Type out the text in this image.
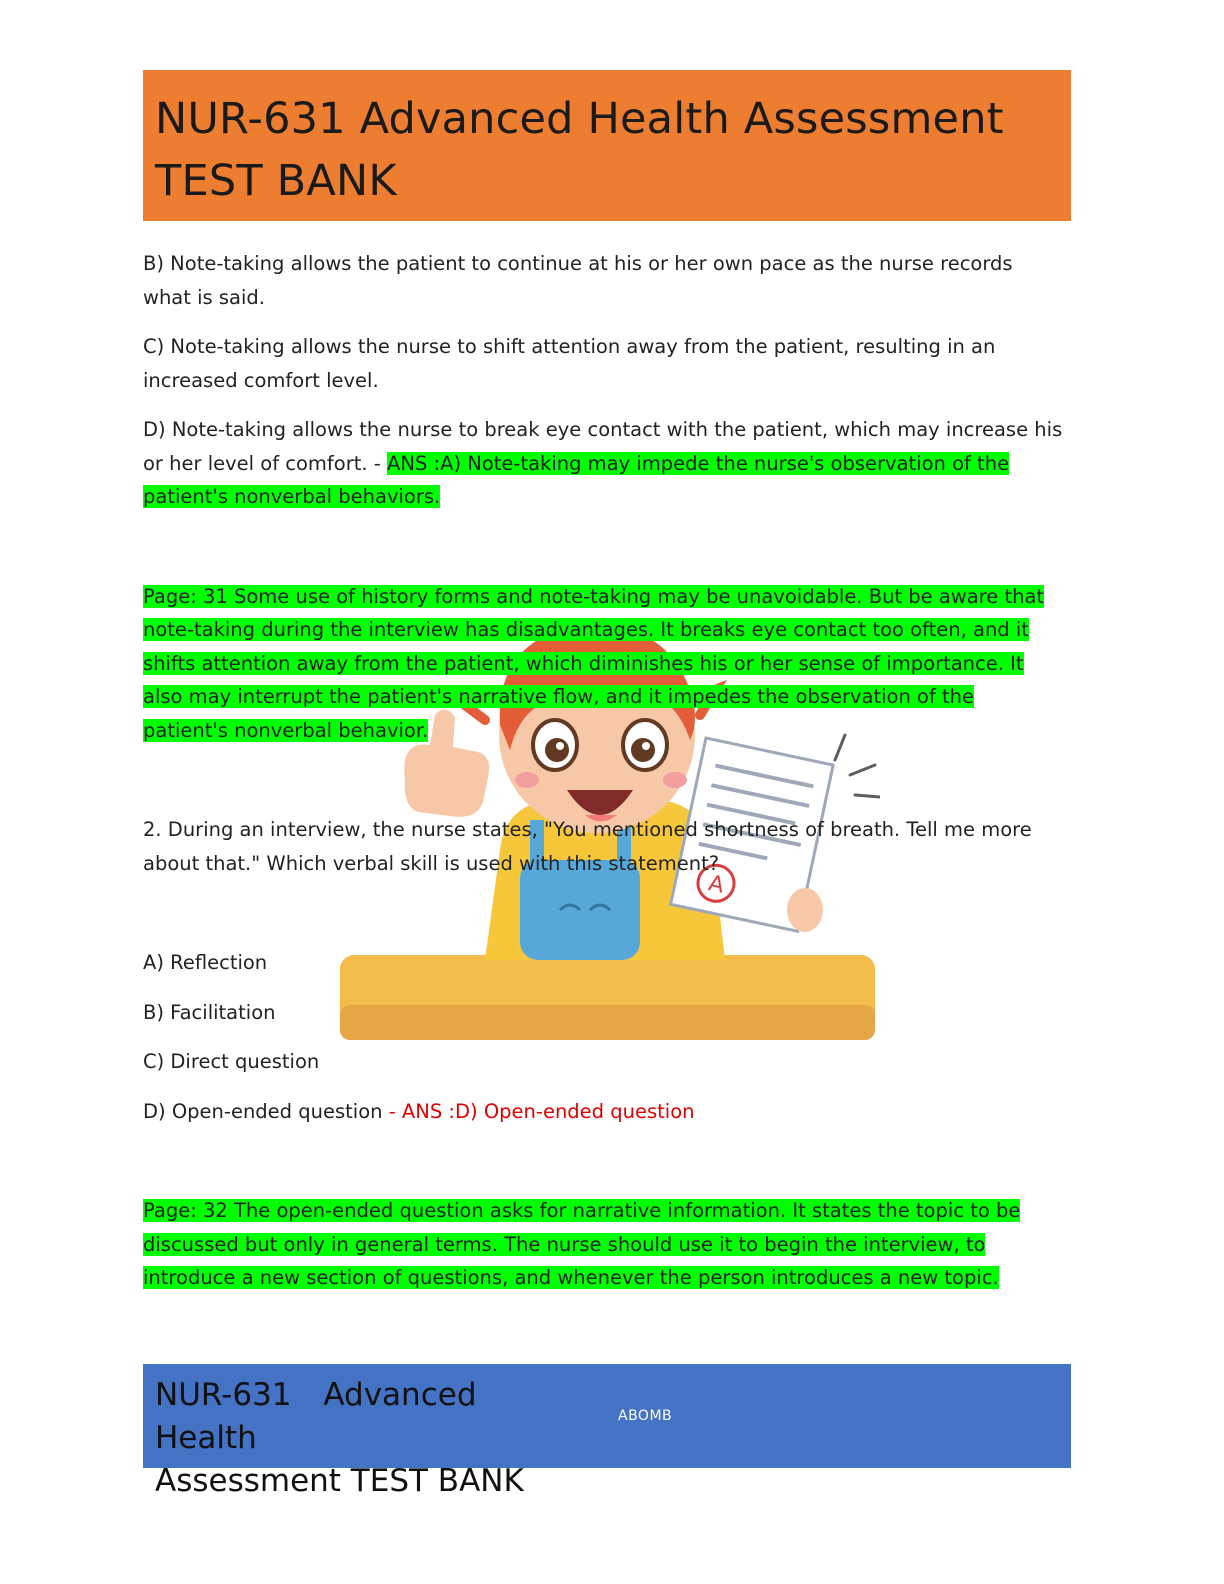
NUR-631 Advanced Health Assessment
TEST BANK
A

B) Note-taking allows the patient to continue at his or her own pace as the nurse records what is said.

C) Note-taking allows the nurse to shift attention away from the patient, resulting in an increased comfort level.

D) Note-taking allows the nurse to break eye contact with the patient, which may increase his or her level of comfort. - ANS :A) Note-taking may impede the nurse's observation of the patient's nonverbal behaviors.

Page: 31 Some use of history forms and note-taking may be unavoidable. But be aware that note-taking during the interview has disadvantages. It breaks eye contact too often, and it shifts attention away from the patient, which diminishes his or her sense of importance. It also may interrupt the patient's narrative flow, and it impedes the observation of the patient's nonverbal behavior.

2. During an interview, the nurse states, "You mentioned shortness of breath. Tell me more about that." Which verbal skill is used with this statement?

A) Reflection

B) Facilitation

C) Direct question

D) Open-ended question - ANS :D) Open-ended question

Page: 32 The open-ended question asks for narrative information. It states the topic to be discussed but only in general terms. The nurse should use it to begin the interview, to introduce a new section of questions, and whenever the person introduces a new topic.

NUR-631 Advanced Health
Assessment TEST BANK
ABOMB
